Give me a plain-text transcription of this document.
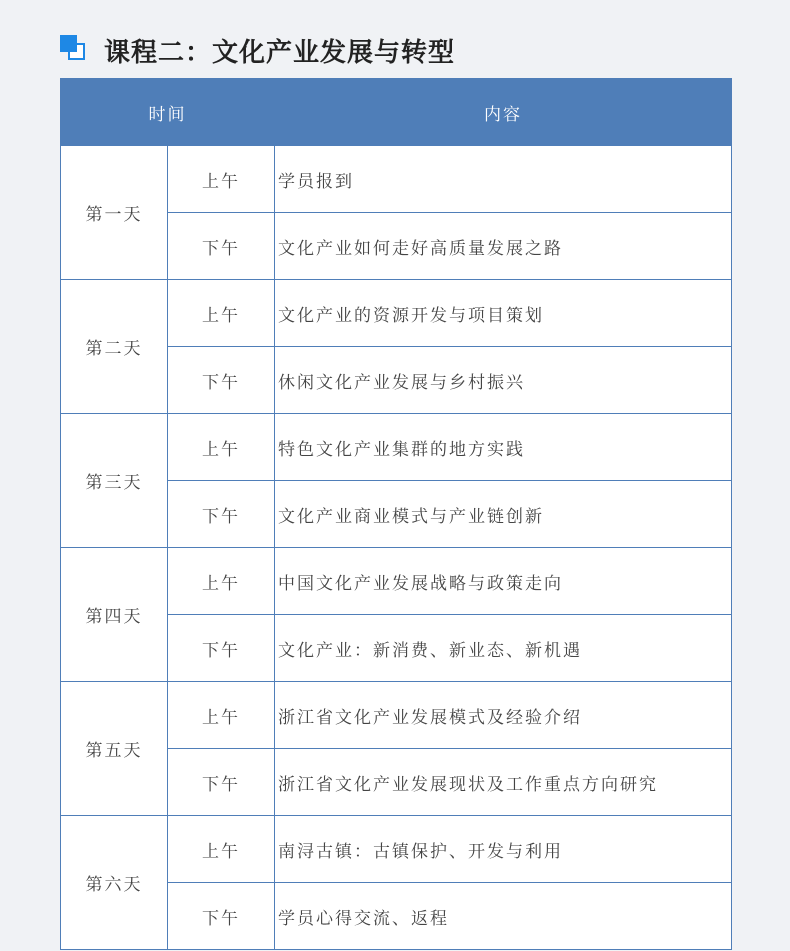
课程二：文化产业发展与转型
时间		内容
第一天	上午	学员报到
	下午	文化产业如何走好高质量发展之路
第二天	上午	文化产业的资源开发与项目策划
	下午	休闲文化产业发展与乡村振兴
第三天	上午	特色文化产业集群的地方实践
	下午	文化产业商业模式与产业链创新
第四天	上午	中国文化产业发展战略与政策走向
	下午	文化产业：新消费、新业态、新机遇
第五天	上午	浙江省文化产业发展模式及经验介绍
	下午	浙江省文化产业发展现状及工作重点方向研究
第六天	上午	南浔古镇：古镇保护、开发与利用
	下午	学员心得交流、返程
